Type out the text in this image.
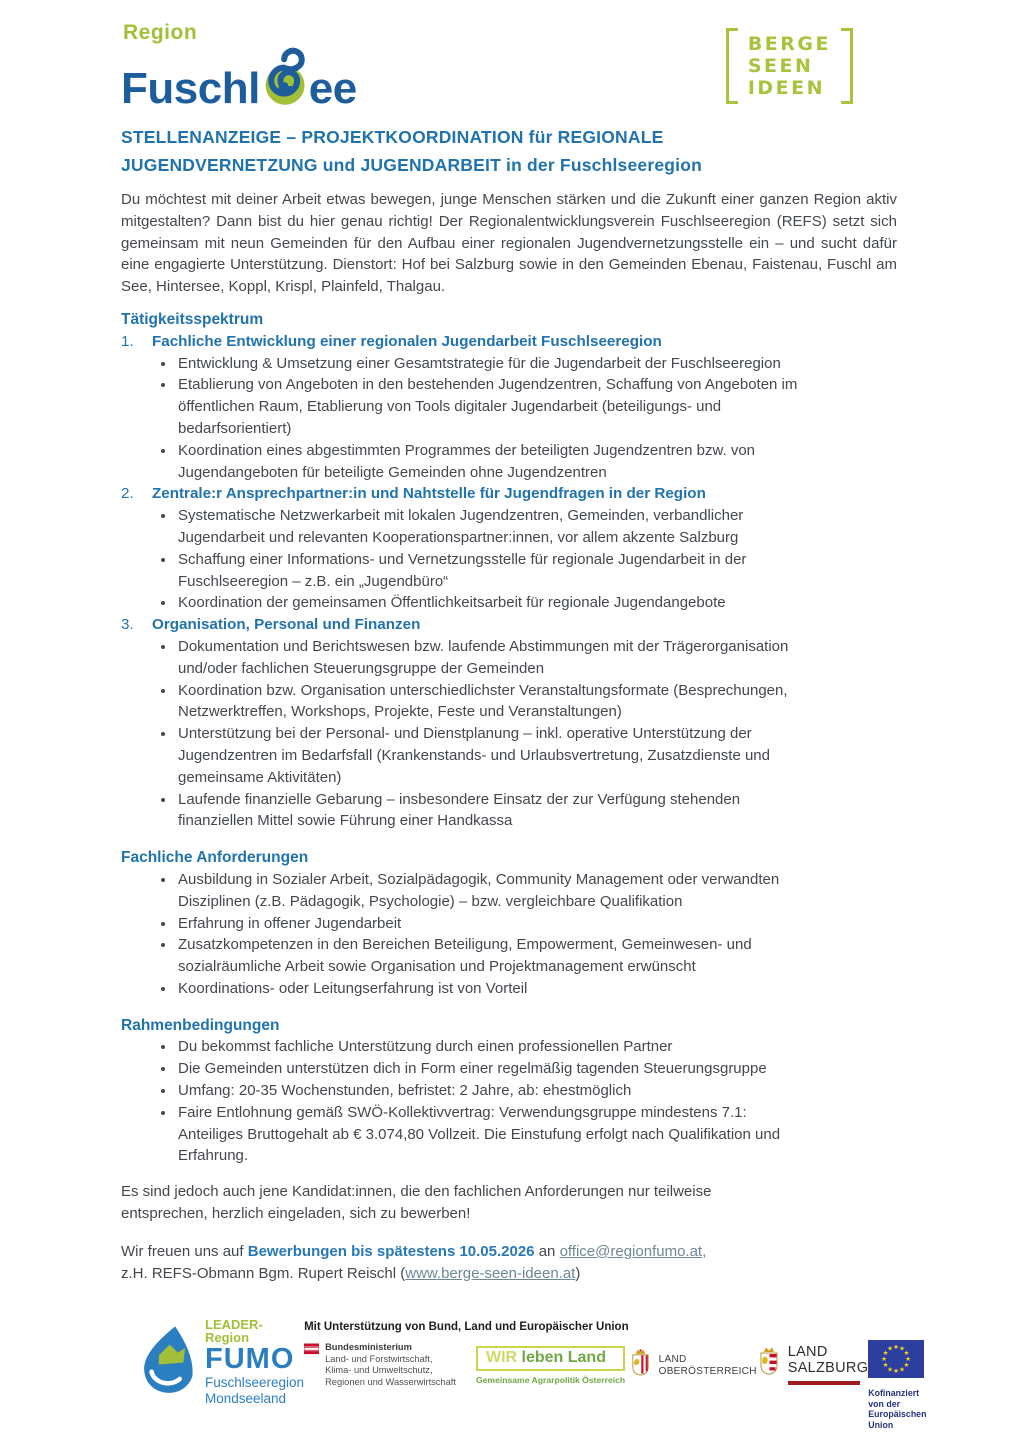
Region
Fuschl ee
BERGE
SEEN
IDEEN
STELLENANZEIGE – PROJEKTKOORDINATION für REGIONALE
JUGENDVERNETZUNG und JUGENDARBEIT in der Fuschlseeregion

Du möchtest mit deiner Arbeit etwas bewegen, junge Menschen stärken und die Zukunft einer ganzen Region aktiv mitgestalten? Dann bist du hier genau richtig! Der Regionalentwicklungsverein Fuschlseeregion (REFS) setzt sich gemeinsam mit neun Gemeinden für den Aufbau einer regionalen Jugendvernetzungsstelle ein – und sucht dafür eine engagierte Unterstützung. Dienstort: Hof bei Salzburg sowie in den Gemeinden Ebenau, Faistenau, Fuschl am See, Hintersee, Koppl, Krispl, Plainfeld, Thalgau.

Tätigkeitsspektrum
1.	Fachliche Entwicklung einer regionalen Jugendarbeit Fuschlseeregion
• Entwicklung & Umsetzung einer Gesamtstrategie für die Jugendarbeit der Fuschlseeregion
• Etablierung von Angeboten in den bestehenden Jugendzentren, Schaffung von Angeboten im öffentlichen Raum, Etablierung von Tools digitaler Jugendarbeit (beteiligungs- und bedarfsorientiert)
• Koordination eines abgestimmten Programmes der beteiligten Jugendzentren bzw. von Jugendangeboten für beteiligte Gemeinden ohne Jugendzentren
2.	Zentrale:r Ansprechpartner:in und Nahtstelle für Jugendfragen in der Region
• Systematische Netzwerkarbeit mit lokalen Jugendzentren, Gemeinden, verbandlicher Jugendarbeit und relevanten Kooperationspartner:innen, vor allem akzente Salzburg
• Schaffung einer Informations- und Vernetzungsstelle für regionale Jugendarbeit in der Fuschlseeregion – z.B. ein „Jugendbüro“
• Koordination der gemeinsamen Öffentlichkeitsarbeit für regionale Jugendangebote
3.	Organisation, Personal und Finanzen
• Dokumentation und Berichtswesen bzw. laufende Abstimmungen mit der Trägerorganisation und/oder fachlichen Steuerungsgruppe der Gemeinden
• Koordination bzw. Organisation unterschiedlichster Veranstaltungsformate (Besprechungen, Netzwerktreffen, Workshops, Projekte, Feste und Veranstaltungen)
• Unterstützung bei der Personal- und Dienstplanung – inkl. operative Unterstützung der Jugendzentren im Bedarfsfall (Krankenstands- und Urlaubsvertretung, Zusatzdienste und gemeinsame Aktivitäten)
• Laufende finanzielle Gebarung – insbesondere Einsatz der zur Verfügung stehenden finanziellen Mittel sowie Führung einer Handkassa
Fachliche Anforderungen
• Ausbildung in Sozialer Arbeit, Sozialpädagogik, Community Management oder verwandten Disziplinen (z.B. Pädagogik, Psychologie) – bzw. vergleichbare Qualifikation
• Erfahrung in offener Jugendarbeit
• Zusatzkompetenzen in den Bereichen Beteiligung, Empowerment, Gemeinwesen- und sozialräumliche Arbeit sowie Organisation und Projektmanagement erwünscht
• Koordinations- oder Leitungserfahrung ist von Vorteil
Rahmenbedingungen
• Du bekommst fachliche Unterstützung durch einen professionellen Partner
• Die Gemeinden unterstützen dich in Form einer regelmäßig tagenden Steuerungsgruppe
• Umfang: 20-35 Wochenstunden, befristet: 2 Jahre, ab: ehestmöglich
• Faire Entlohnung gemäß SWÖ-Kollektivvertrag: Verwendungsgruppe mindestens 7.1: Anteiliges Bruttogehalt ab € 3.074,80 Vollzeit. Die Einstufung erfolgt nach Qualifikation und Erfahrung.

Es sind jedoch auch jene Kandidat:innen, die den fachlichen Anforderungen nur teilweise entsprechen, herzlich eingeladen, sich zu bewerben!

Wir freuen uns auf Bewerbungen bis spätestens 10.05.2026 an office@regionfumo.at,
z.H. REFS-Obmann Bgm. Rupert Reischl (www.berge-seen-ideen.at)

LEADER-Region
FUMO
Fuschlseeregion
Mondseeland
Mit Unterstützung von Bund, Land und Europäischer Union
Bundesministerium
Land- und Forstwirtschaft,
Klima- und Umweltschutz,
Regionen und Wasserwirtschaft
WIR leben Land
Gemeinsame Agrarpolitik Österreich
LAND
OBERÖSTERREICH
LAND
SALZBURG
★ ★
★
★
★
★
★
★
★
★
★
★
Kofinanziert von der
Europäischen Union
